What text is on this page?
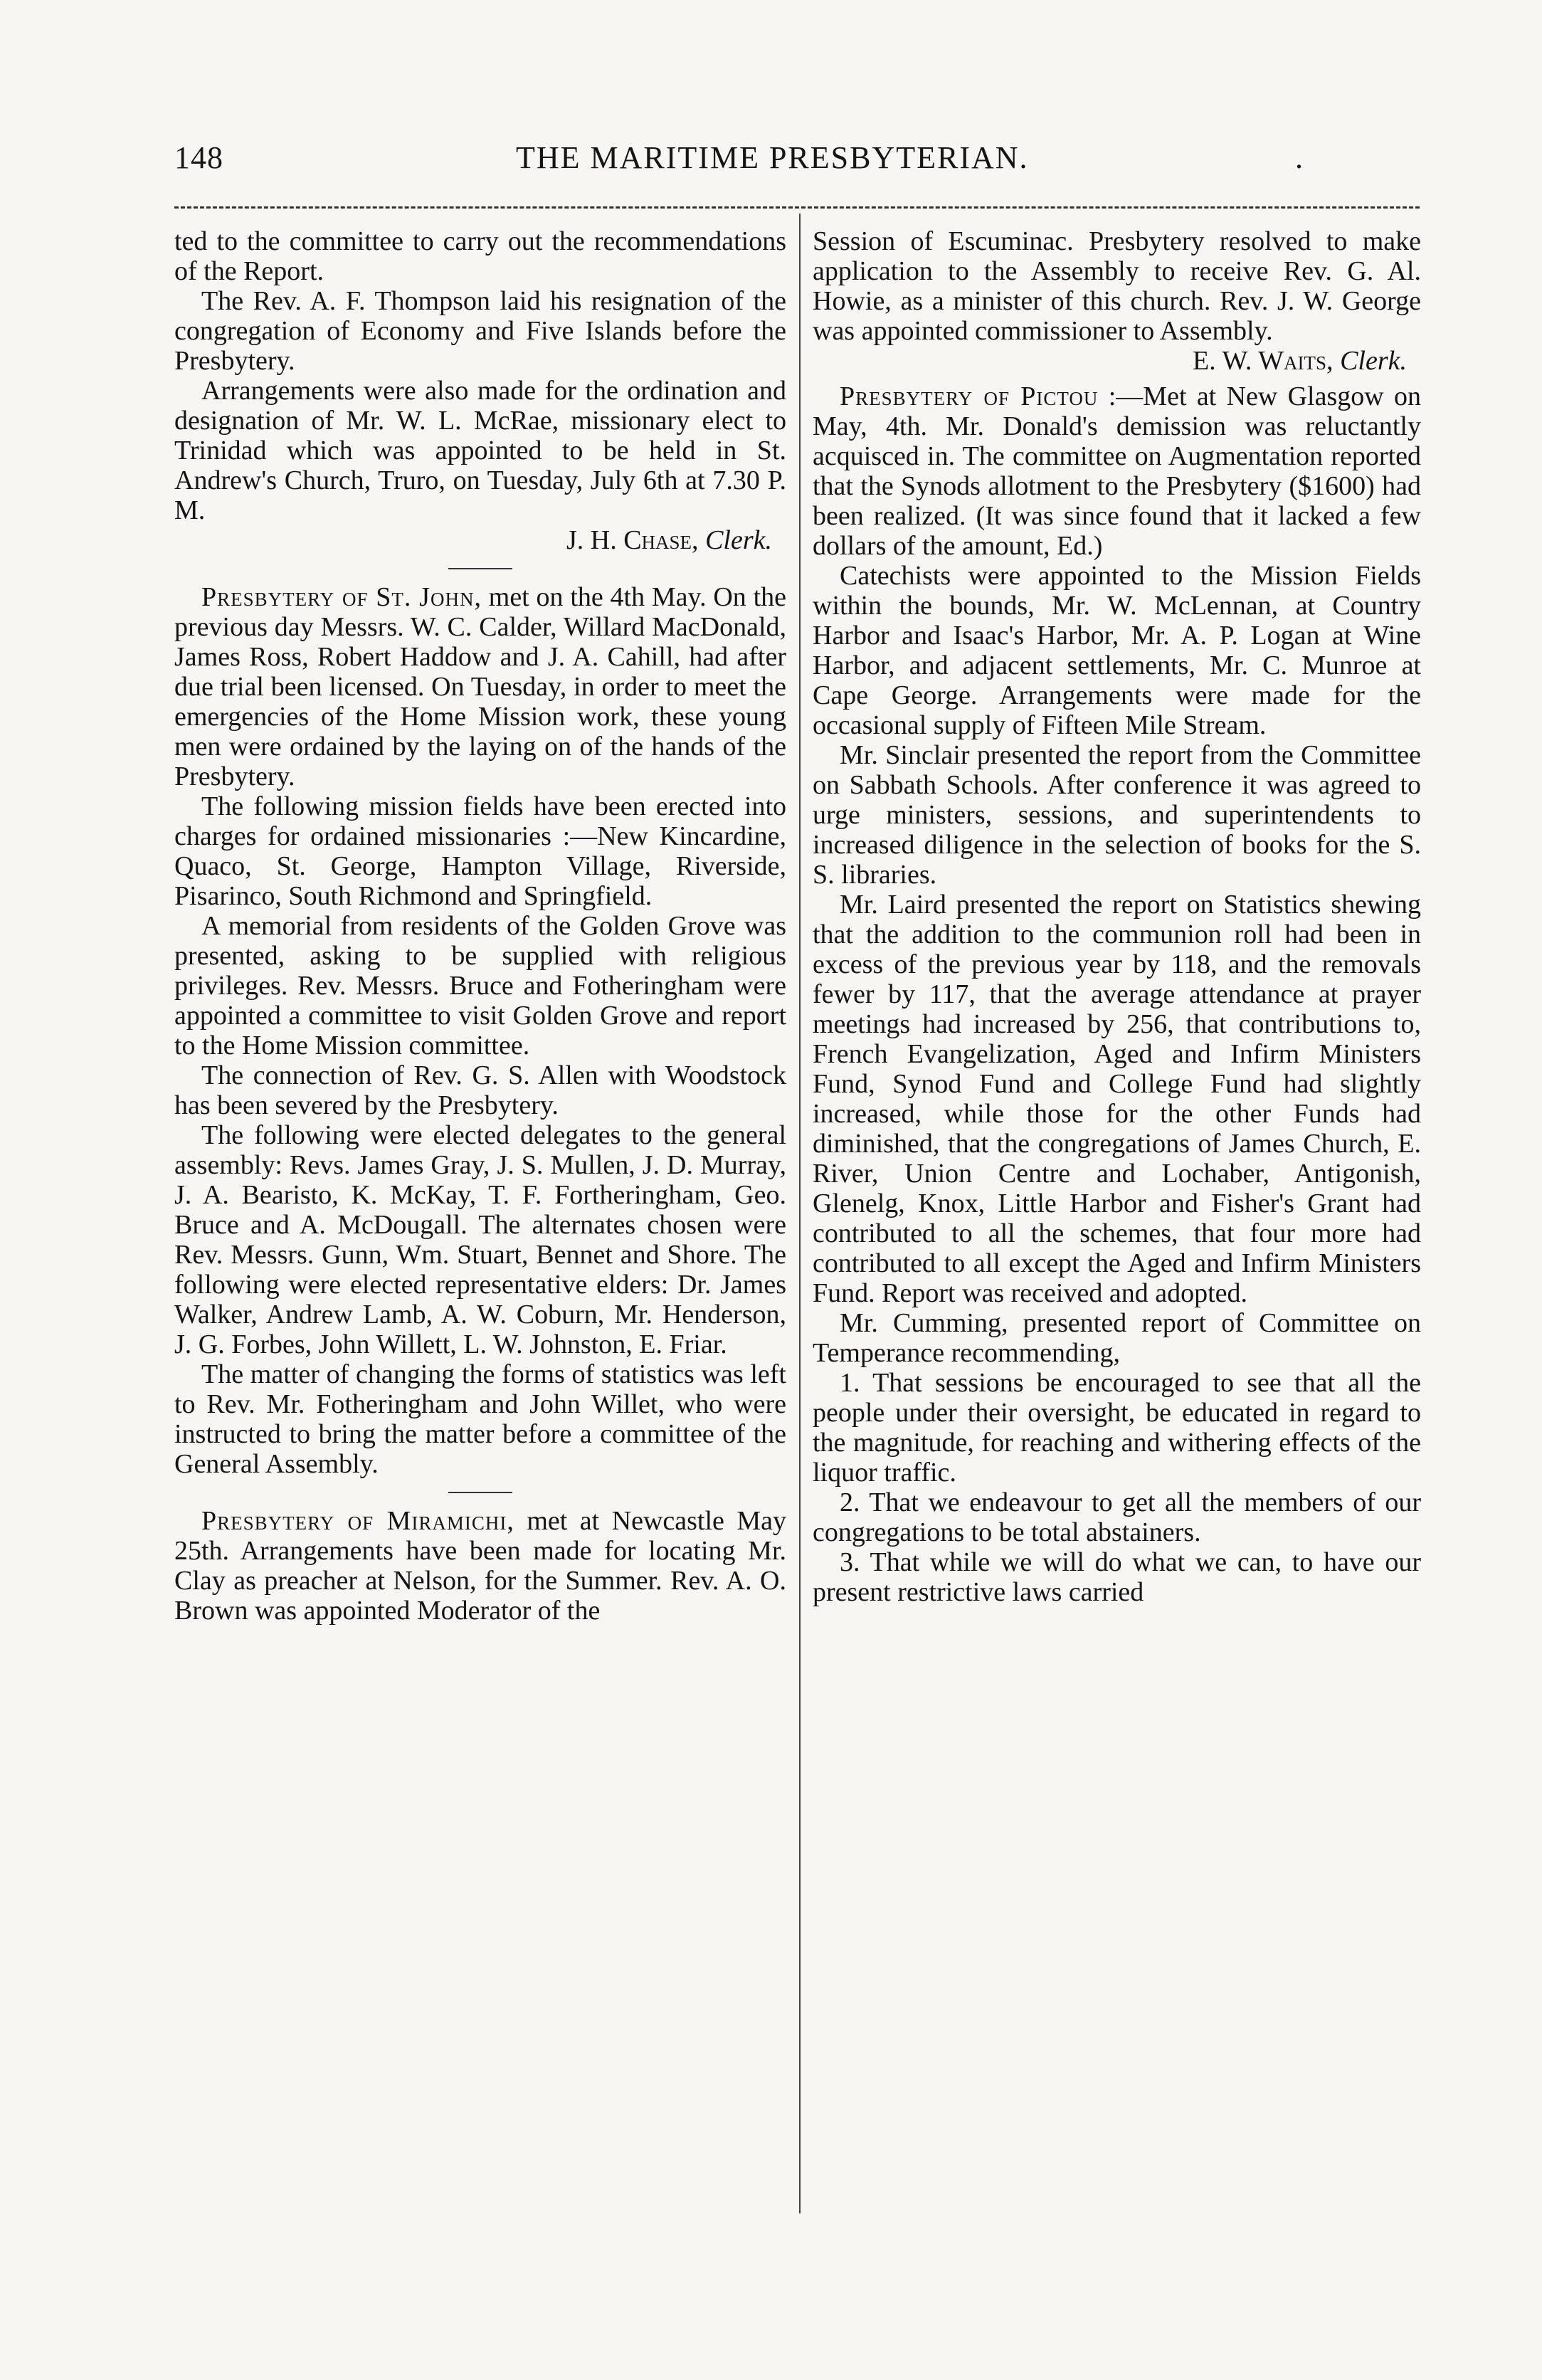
148	THE MARITIME PRESBYTERIAN.	.

ted to the committee to carry out the recommendations of the Report.

The Rev. A. F. Thompson laid his resignation of the congregation of Economy and Five Islands before the Presbytery.

Arrangements were also made for the ordination and designation of Mr. W. L. McRae, missionary elect to Trinidad which was appointed to be held in St. Andrew's Church, Truro, on Tuesday, July 6th at 7.30 P. M.

J. H. Chase, Clerk.

Presbytery of St. John, met on the 4th May. On the previous day Messrs. W. C. Calder, Willard MacDonald, James Ross, Robert Haddow and J. A. Cahill, had after due trial been licensed. On Tuesday, in order to meet the emergencies of the Home Mission work, these young men were ordained by the laying on of the hands of the Presbytery.

The following mission fields have been erected into charges for ordained missionaries :—New Kincardine, Quaco, St. George, Hampton Village, Riverside, Pisarinco, South Richmond and Springfield.

A memorial from residents of the Golden Grove was presented, asking to be supplied with religious privileges. Rev. Messrs. Bruce and Fotheringham were appointed a committee to visit Golden Grove and report to the Home Mission committee.

The connection of Rev. G. S. Allen with Woodstock has been severed by the Presbytery.

The following were elected delegates to the general assembly: Revs. James Gray, J. S. Mullen, J. D. Murray, J. A. Bearisto, K. McKay, T. F. Fortheringham, Geo. Bruce and A. McDougall. The alternates chosen were Rev. Messrs. Gunn, Wm. Stuart, Bennet and Shore. The following were elected representative elders: Dr. James Walker, Andrew Lamb, A. W. Coburn, Mr. Henderson, J. G. Forbes, John Willett, L. W. Johnston, E. Friar.

The matter of changing the forms of statistics was left to Rev. Mr. Fotheringham and John Willet, who were instructed to bring the matter before a committee of the General Assembly.

Presbytery of Miramichi, met at Newcastle May 25th. Arrangements have been made for locating Mr. Clay as preacher at Nelson, for the Summer. Rev. A. O. Brown was appointed Moderator of the

Session of Escuminac. Presbytery resolved to make application to the Assembly to receive Rev. G. Al. Howie, as a minister of this church. Rev. J. W. George was appointed commissioner to Assembly.

E. W. Waits, Clerk.

Presbytery of Pictou :—Met at New Glasgow on May, 4th. Mr. Donald's demission was reluctantly acquisced in. The committee on Augmentation reported that the Synods allotment to the Presbytery ($1600) had been realized. (It was since found that it lacked a few dollars of the amount, Ed.)

Catechists were appointed to the Mission Fields within the bounds, Mr. W. McLennan, at Country Harbor and Isaac's Harbor, Mr. A. P. Logan at Wine Harbor, and adjacent settlements, Mr. C. Munroe at Cape George. Arrangements were made for the occasional supply of Fifteen Mile Stream.

Mr. Sinclair presented the report from the Committee on Sabbath Schools. After conference it was agreed to urge ministers, sessions, and superintendents to increased diligence in the selection of books for the S. S. libraries.

Mr. Laird presented the report on Statistics shewing that the addition to the communion roll had been in excess of the previous year by 118, and the removals fewer by 117, that the average attendance at prayer meetings had increased by 256, that contributions to, French Evangelization, Aged and Infirm Ministers Fund, Synod Fund and College Fund had slightly increased, while those for the other Funds had diminished, that the congregations of James Church, E. River, Union Centre and Lochaber, Antigonish, Glenelg, Knox, Little Harbor and Fisher's Grant had contributed to all the schemes, that four more had contributed to all except the Aged and Infirm Ministers Fund. Report was received and adopted.

Mr. Cumming, presented report of Committee on Temperance recommending,

1. That sessions be encouraged to see that all the people under their oversight, be educated in regard to the magnitude, for reaching and withering effects of the liquor traffic.

2. That we endeavour to get all the members of our congregations to be total abstainers.

3. That while we will do what we can, to have our present restrictive laws carried
